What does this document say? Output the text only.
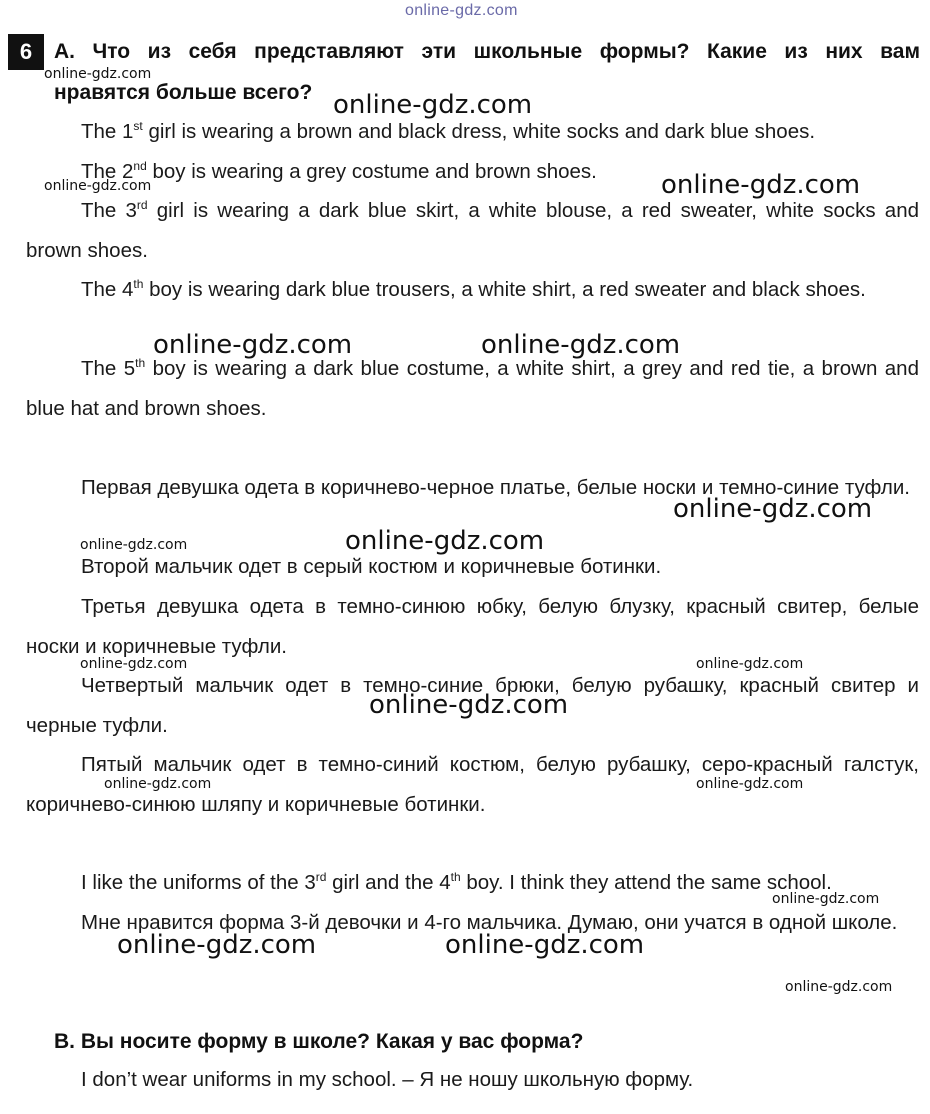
online-gdz.com
6	А. Что из себя представляют эти школьные формы? Какие из них вам
нравятся больше всего?
The 1st girl is wearing a brown and black dress, white socks and dark blue shoes.
The 2nd boy is wearing a grey costume and brown shoes.
The 3rd girl is wearing a dark blue skirt, a white blouse, a red sweater, white socks and brown shoes.
The 4th boy is wearing dark blue trousers, a white shirt, a red sweater and black shoes.
The 5th boy is wearing a dark blue costume, a white shirt, a grey and red tie, a brown and blue hat and brown shoes.
Первая девушка одета в коричнево-черное платье, белые носки и темно-синие туфли.
Второй мальчик одет в серый костюм и коричневые ботинки.
Третья девушка одета в темно-синюю юбку, белую блузку, красный свитер, белые носки и коричневые туфли.
Четвертый мальчик одет в темно-синие брюки, белую рубашку, красный свитер и черные туфли.
Пятый мальчик одет в темно-синий костюм, белую рубашку, серо-красный галстук, коричнево-синюю шляпу и коричневые ботинки.
I like the uniforms of the 3rd girl and the 4th boy. I think they attend the same school.
Мне нравится форма 3-й девочки и 4-го мальчика. Думаю, они учатся в одной школе.
B. Вы носите форму в школе? Какая у вас форма?
I don’t wear uniforms in my school. – Я не ношу школьную форму.
online-gdz.com
online-gdz.com
online-gdz.com	online-gdz.com
online-gdz.com	online-gdz.com
online-gdz.com
online-gdz.com	online-gdz.com
online-gdz.com	online-gdz.com
online-gdz.com
online-gdz.com	online-gdz.com
online-gdz.com
online-gdz.com	online-gdz.com
online-gdz.com
